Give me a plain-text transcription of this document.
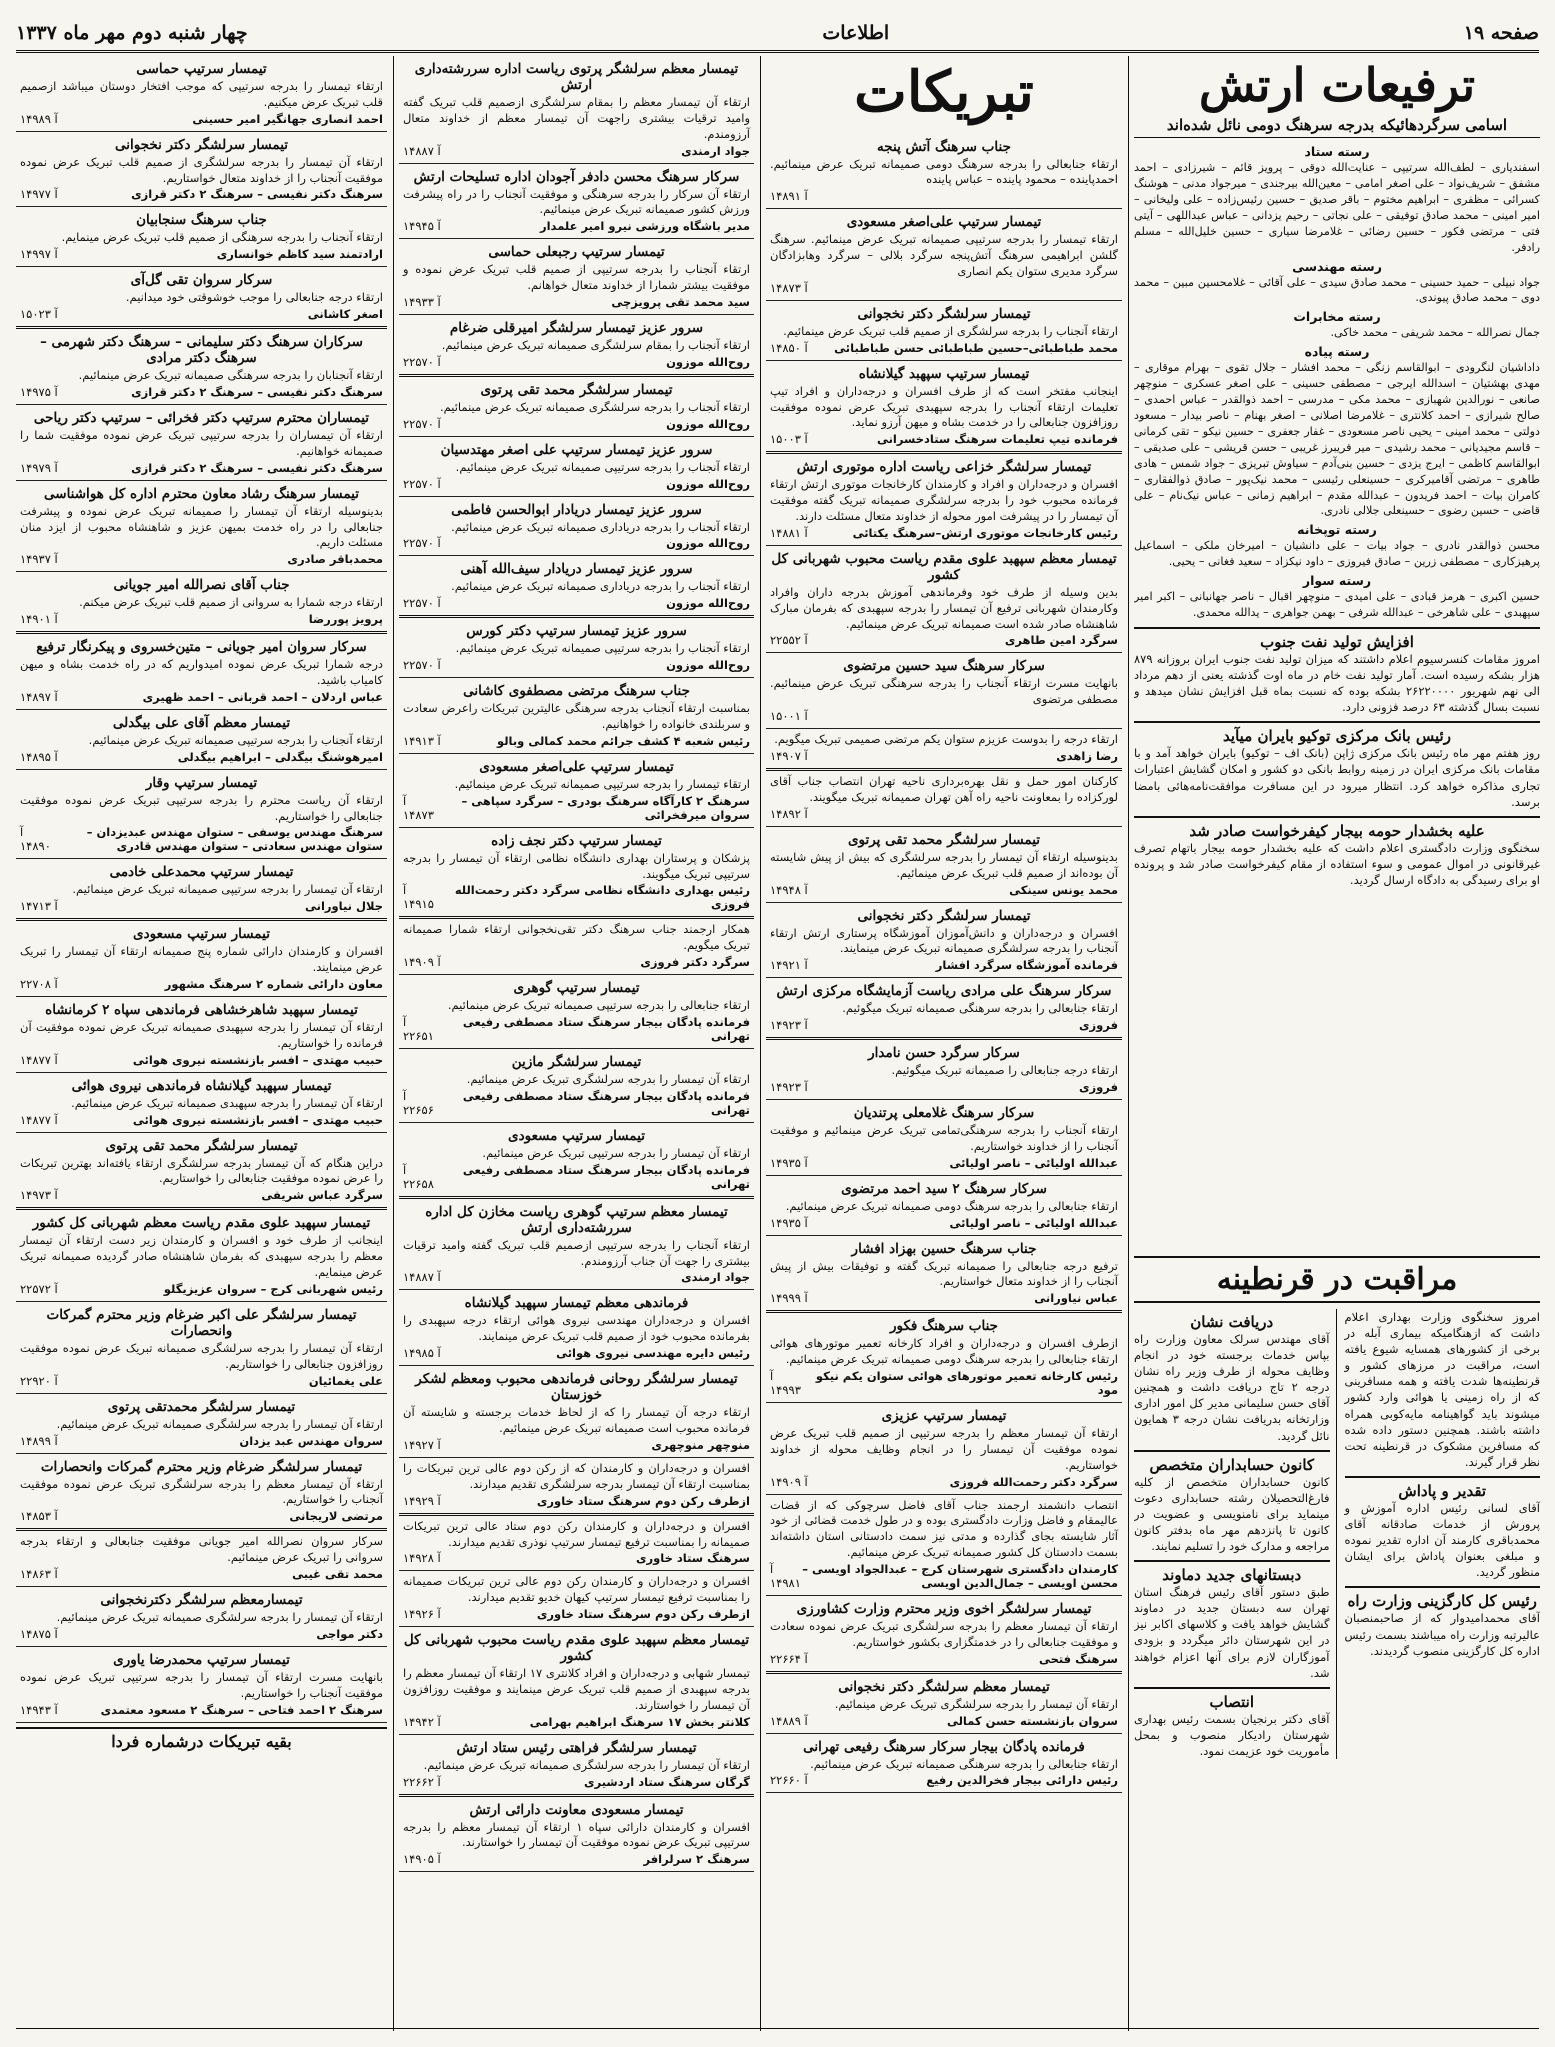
صفحه ۱۹
اطلاعات
چهار شنبه دوم مهر ماه ۱۳۳۷
ترفیعات ارتش
اسامی سرگردهائیکه بدرجه سرهنگ دومی نائل شده‌اند
رسته ستاد
اسفندیاری – لطف‌الله سرتیپی – عنایت‌الله دوقی – پرویز قائم – شیرزادی – احمد مشفق – شریف‌نواد – علی اصغر امامی – معین‌الله بیرجندی – میرجواد مدنی – هوشنگ کسرائی – مظفری – ابراهیم مختوم – باقر صدیق – حسین رئیس‌زاده – علی ولیخانی – امیر امینی – محمد صادق توفیقی – علی نجاتی – رحیم یزدانی – عباس عبداللهی – آیتی فتی – مرتضی فکور – حسین رضائی – غلامرضا سیاری – حسین خلیل‌الله – مسلم رادفر.
رسته مهندسی
جواد نبیلی – حمید حسینی – محمد صادق سیدی – علی آقائی – غلامحسین مبین – محمد دوی – محمد صادق پیوندی.
رسته مخابرات
جمال نصرالله – محمد شریفی – محمد خاکی.
رسته پیاده
داداشیان لنگرودی – ابوالقاسم زنگی – محمد افشار – جلال تقوی – بهرام موقاری – مهدی بهشتیان – اسدالله ایرجی – مصطفی حسینی – علی اصغر عسکری – منوچهر صانعی – نورالدین شهبازی – محمد مکی – مدرسی – احمد ذوالقدر – عباس احمدی – صالح شیرازی – احمد کلانتری – غلامرضا اصلانی – اصغر بهنام – ناصر بیدار – مسعود دولتی – محمد امینی – یحیی ناصر مسعودی – غفار جعفری – حسین نیکو – تقی کرمانی – قاسم مجیدیانی – محمد رشیدی – میر فریبرز غریبی – حسن قریشی – علی صدیقی – ابوالقاسم کاظمی – ایرج یزدی – حسین بنی‌آدم – سیاوش تبریزی – جواد شمس – هادی طاهری – مرتضی آقامیرکری – حسینعلی رئیسی – محمد نیک‌پور – صادق ذوالفقاری – کامران بیات – احمد فریدون – عبدالله مقدم – ابراهیم زمانی – عباس نیک‌نام – علی قاضی – حسین رضوی – حسینعلی جلالی نادری.
رسته توپخانه
محسن ذوالقدر نادری – جواد بیات – علی دانشیان – امیرخان ملکی – اسماعیل پرهیزکاری – مصطفی زرین – صادق فیروزی – داود نیکزاد – سعید فغانی – یحیی.
رسته سوار
حسین اکبری – هرمز قبادی – علی امیدی – منوچهر اقبال – ناصر جهانبانی – اکبر امیر سپهبدی – علی شاهرخی – عبدالله شرفی – بهمن جواهری – یدالله محمدی.
افزایش تولید نفت جنوب
امروز مقامات کنسرسیوم اعلام داشتند که میزان تولید نفت جنوب ایران بروزانه ۸۷۹ هزار بشکه رسیده است. آمار تولید نفت خام در ماه اوت گذشته یعنی از دهم مرداد الی نهم شهریور ۲۶۲۲۰۰۰۰ بشکه بوده که نسبت بماه قبل افزایش نشان میدهد و نسبت بسال گذشته ۶۳ درصد فزونی دارد.
رئیس بانک مرکزی توکیو بایران میآید
روز هفتم مهر ماه رئیس بانک مرکزی ژاپن (بانک اف – توکیو) بایران خواهد آمد و با مقامات بانک مرکزی ایران در زمینه روابط بانکی دو کشور و امکان گشایش اعتبارات تجاری مذاکره خواهد کرد. انتظار میرود در این مسافرت موافقت‌نامه‌هائی بامضا برسد.
علیه بخشدار حومه بیجار کیفرخواست صادر شد
سخنگوی وزارت دادگستری اعلام داشت که علیه بخشدار حومه بیجار باتهام تصرف غیرقانونی در اموال عمومی و سوء استفاده از مقام کیفرخواست صادر شد و پرونده او برای رسیدگی به دادگاه ارسال گردید.
تبریکات
جناب سرهنگ آتش پنجه
ارتقاء جنابعالی را بدرجه سرهنگ دومی صمیمانه تبریک عرض مینمائیم. احمدپاینده – محمود پاینده – عباس پاینده
آ ۱۴۸۹۱
تیمسار سرتیپ علی‌اصغر مسعودی
ارتقاء تیمسار را بدرجه سرتیپی صمیمانه تبریک عرض مینمائیم. سرهنگ گلشن ابراهیمی سرهنگ آتش‌پنجه سرگرد بلالی – سرگرد وهابزادگان سرگرد مدیری ستوان یکم انصاری
آ ۱۴۸۷۳
تیمسار سرلشگر دکتر نخجوانی
ارتقاء آنجناب را بدرجه سرلشگری از صمیم قلب تبریک عرض مینمائیم.
محمد طباطبائی–حسین طباطبائی حسن طباطبائی
آ ۱۴۸۵۰
تیمسار سرتیپ سپهبد گیلانشاه
اینجانب مفتخر است که از طرف افسران و درجه‌داران و افراد تیپ تعلیمات ارتقاء آنجناب را بدرجه سپهبدی تبریک عرض نموده موفقیت روزافزون جنابعالی را در خدمت بشاه و میهن آرزو نماید.
فرمانده تیپ تعلیمات سرهنگ ستادخسرانی
آ ۱۵۰۰۳
تیمسار سرلشگر خزاعی ریاست اداره موتوری ارتش
افسران و درجه‌داران و افراد و کارمندان کارخانجات موتوری ارتش ارتقاء فرمانده محبوب خود را بدرجه سرلشگری صمیمانه تبریک گفته موفقیت آن تیمسار را در پیشرفت امور محوله از خداوند متعال مسئلت دارند.
رئیس کارخانجات موتوری ارتش–سرهنگ یکتائی
آ ۱۴۸۸۱
تیمسار معظم سپهبد علوی مقدم ریاست محبوب شهربانی کل کشور
بدین وسیله از طرف خود وفرماندهی آموزش بدرجه داران وافراد وکارمندان شهربانی ترفیع آن تیمسار را بدرجه سپهبدی که بفرمان مبارک شاهنشاه صادر شده است صمیمانه تبریک عرض مینمائیم.
سرگرد امین طاهری
آ ۲۲۵۵۲
سرکار سرهنگ سید حسین مرتضوی
بانهایت مسرت ارتقاء آنجناب را بدرجه سرهنگی تبریک عرض مینمائیم. مصطفی مرتضوی
آ ۱۵۰۰۱
ارتقاء درجه را بدوست عزیزم ستوان یکم مرتضی صمیمی تبریک میگویم.
رضا زاهدی
آ ۱۴۹۰۷
کارکنان امور حمل و نقل بهره‌برداری ناحیه تهران انتصاب جناب آقای لورکزاده را بمعاونت ناحیه راه آهن تهران صمیمانه تبریک میگویند.
آ ۱۴۸۹۲
تیمسار سرلشگر محمد تقی پرتوی
بدینوسیله ارتقاء آن تیمسار را بدرجه سرلشگری که بیش از پیش شایسته آن بوده‌اند از صمیم قلب تبریک عرض مینمائیم.
محمد یونس سینکی
آ ۱۴۹۴۸
تیمسار سرلشگر دکتر نخجوانی
افسران و درجه‌داران و دانش‌آموزان آموزشگاه پرستاری ارتش ارتقاء آنجناب را بدرجه سرلشگری صمیمانه تبریک عرض مینمایند.
فرمانده آموزشگاه سرگرد افشار
آ ۱۴۹۲۱
سرکار سرهنگ علی مرادی ریاست آزمایشگاه مرکزی ارتش
ارتقاء جنابعالی را بدرجه سرهنگی صمیمانه تبریک میگوئیم.
فروزی
آ ۱۴۹۲۳
سرکار سرگرد حسن نامدار
ارتقاء درجه جنابعالی را صمیمانه تبریک میگوئیم.
فروزی
آ ۱۴۹۲۳
سرکار سرهنگ غلامعلی پرتندیان
ارتقاء آنجناب را بدرجه سرهنگی‌تمامی تبریک عرض مینمائیم و موفقیت آنجناب را از خداوند خواستاریم.
عبدالله اولیائی – ناصر اولیائی
آ ۱۴۹۳۵
سرکار سرهنگ ۲ سید احمد مرتضوی
ارتقاء جنابعالی را بدرجه سرهنگ دومی صمیمانه تبریک عرض مینمائیم.
عبدالله اولیائی – ناصر اولیائی
آ ۱۴۹۳۵
جناب سرهنگ حسین بهزاد افشار
ترفیع درجه جنابعالی را صمیمانه تبریک گفته و توفیقات بیش از پیش آنجناب را از خداوند متعال خواستاریم.
عباس نیاورانی
آ ۱۴۹۹۹
جناب سرهنگ فکور
ازطرف افسران و درجه‌داران و افراد کارخانه تعمیر موتورهای هوائی ارتقاء جنابعالی را بدرجه سرهنگ دومی صمیمانه تبریک عرض مینمائیم.
رئیس کارخانه تعمیر موتورهای هوائی ستوان یکم نیکو مود
آ ۱۴۹۹۳
تیمسار سرتیپ عزیزی
ارتقاء آن تیمسار معظم را بدرجه سرتیپی از صمیم قلب تبریک عرض نموده موفقیت آن تیمسار را در انجام وظایف محوله از خداوند خواستاریم.
سرگرد دکتر رحمت‌الله فروزی
آ ۱۴۹۰۹
انتصاب دانشمند ارجمند جناب آقای فاضل سرچوکی که از قضات عالیمقام و فاضل وزارت دادگستری بوده و در طول خدمت قضائی از خود آثار شایسته بجای گذارده و مدتی نیز سمت دادستانی استان داشته‌اند بسمت دادستان کل کشور صمیمانه تبریک عرض مینمائیم.
کارمندان دادگستری شهرستان کرج – عبدالجواد اویسی – محسن اویسی – جمال‌الدین اویسی
آ ۱۴۹۸۱
تیمسار سرلشگر اخوی وزیر محترم وزارت کشاورزی
ارتقاء آن تیمسار معظم را بدرجه سرلشگری تبریک عرض نموده سعادت و موفقیت جنابعالی را در خدمتگزاری بکشور خواستاریم.
سرهنگ فتحی
آ ۲۲۶۶۴
تیمسار معظم سرلشگر دکتر نخجوانی
ارتقاء آن تیمسار را بدرجه سرلشگری تبریک عرض مینمائیم.
سروان بازنشسته حسن کمالی
آ ۱۴۸۸۹
فرمانده پادگان بیجار سرکار سرهنگ رفیعی تهرانی
ارتقاء جنابعالی را بدرجه سرهنگی صمیمانه تبریک عرض مینمائیم.
رئیس دارائی بیجار فخرالدین رفیع
آ ۲۲۶۶۰
تیمسار معظم سرلشگر پرتوی ریاست اداره سررشته‌داری ارتش
ارتقاء آن تیمسار معظم را بمقام سرلشگری ازصمیم قلب تبریک گفته وامید ترقیات بیشتری راجهت آن تیمسار معظم از خداوند متعال آرزومندم.
جواد ارمندی
آ ۱۴۸۸۷
سرکار سرهنگ محسن دادفر آجودان اداره تسلیحات ارتش
ارتقاء آن سرکار را بدرجه سرهنگی و موفقیت آنجناب را در راه پیشرفت ورزش کشور صمیمانه تبریک عرض مینمائیم.
مدیر باشگاه ورزشی نیرو امیر علمدار
آ ۱۴۹۴۵
تیمسار سرتیپ رجبعلی حماسی
ارتقاء آنجناب را بدرجه سرتیپی از صمیم قلب تبریک عرض نموده و موفقیت بیشتر شمارا از خداوند متعال خواهانم.
سید محمد تقی پرویزچی
آ ۱۴۹۳۳
سرور عزیز تیمسار سرلشگر امیرقلی ضرغام
ارتقاء آنجناب را بمقام سرلشگری صمیمانه تبریک عرض مینمائیم.
روح‌الله موزون
آ ۲۲۵۷۰
تیمسار سرلشگر محمد تقی پرتوی
ارتقاء آنجناب را بدرجه سرلشگری صمیمانه تبریک عرض مینمائیم.
روح‌الله موزون
آ ۲۲۵۷۰
سرور عزیز تیمسار سرتیپ علی اصغر مهتدسیان
ارتقاء آنجناب را بدرجه سرتیپی صمیمانه تبریک عرض مینمائیم.
روح‌الله موزون
آ ۲۲۵۷۰
سرور عزیز تیمسار دریادار ابوالحسن فاطمی
ارتقاء آنجناب را بدرجه دریاداری صمیمانه تبریک عرض مینمائیم.
روح‌الله موزون
آ ۲۲۵۷۰
سرور عزیز تیمسار دریادار سیف‌الله آهنی
ارتقاء آنجناب را بدرجه دریاداری صمیمانه تبریک عرض مینمائیم.
روح‌الله موزون
آ ۲۲۵۷۰
سرور عزیز تیمسار سرتیپ دکتر کورس
ارتقاء آنجناب را بدرجه سرتیپی صمیمانه تبریک عرض مینمائیم.
روح‌الله موزون
آ ۲۲۵۷۰
جناب سرهنگ مرتضی مصطفوی کاشانی
بمناسبت ارتقاء آنجناب بدرجه سرهنگی عالیترین تبریکات راعرض سعادت و سربلندی خانواده را خواهانیم.
رئیس شعبه ۴ کشف جرائم محمد کمالی وبالو
آ ۱۴۹۱۳
تیمسار سرتیپ علی‌اصغر مسعودی
ارتقاء تیمسار را بدرجه سرتیپی صمیمانه تبریک عرض مینمائیم.
سرهنگ ۲ کارآگاه سرهنگ بودری – سرگرد سپاهی – سروان میرفخرائی
آ ۱۴۸۷۳
تیمسار سرتیپ دکتر نجف زاده
پزشکان و پرستاران بهداری دانشگاه نظامی ارتقاء آن تیمسار را بدرجه سرتیپی تبریک میگویند.
رئیس بهداری دانشگاه نظامی سرگرد دکتر رحمت‌الله فروزی
آ ۱۴۹۱۵
همکار ارجمند جناب سرهنگ دکتر تقی‌نخجوانی ارتقاء شمارا صمیمانه تبریک میگویم.
سرگرد دکتر فروزی
آ ۱۴۹۰۹
تیمسار سرتیپ گوهری
ارتقاء جنابعالی را بدرجه سرتیپی صمیمانه تبریک عرض مینمائیم.
فرمانده پادگان بیجار سرهنگ ستاد مصطفی رفیعی تهرانی
آ ۲۲۶۵۱
تیمسار سرلشگر مازین
ارتقاء آن تیمسار را بدرجه سرلشگری تبریک عرض مینمائیم.
فرمانده پادگان بیجار سرهنگ ستاد مصطفی رفیعی تهرانی
آ ۲۲۶۵۶
تیمسار سرتیپ مسعودی
ارتقاء آن تیمسار را بدرجه سرتیپی تبریک عرض مینمائیم.
فرمانده پادگان بیجار سرهنگ ستاد مصطفی رفیعی تهرانی
آ ۲۲۶۵۸
تیمسار معظم سرتیپ گوهری ریاست مخازن کل اداره سررشته‌داری ارتش
ارتقاء آنجناب را بدرجه سرتیپی ازصمیم قلب تبریک گفته وامید ترقیات بیشتری را جهت آن جناب آرزومندم.
جواد ارمندی
آ ۱۴۸۸۷
فرماندهی معظم تیمسار سپهبد گیلانشاه
افسران و درجه‌داران مهندسی نیروی هوائی ارتقاء درجه سپهبدی را بفرمانده محبوب خود از صمیم قلب تبریک عرض مینمایند.
رئیس دایره مهندسی نیروی هوائی
آ ۱۴۹۸۵
تیمسار سرلشگر روحانی فرماندهی محبوب ومعظم لشکر خوزستان
ارتقاء درجه آن تیمسار را که از لحاظ خدمات برجسته و شایسته آن فرمانده محبوب است صمیمانه تبریک عرض مینمائیم.
منوچهر منوچهری
آ ۱۴۹۲۷
افسران و درجه‌داران و کارمندان که از رکن دوم عالی ترین تبریکات را بمناسبت ارتقاء آن تیمسار بدرجه سرلشگری تقدیم میدارند.
ازطرف رکن دوم سرهنگ ستاد خاوری
آ ۱۴۹۲۹
افسران و درجه‌داران و کارمندان رکن دوم ستاد عالی ترین تبریکات صمیمانه را بمناسبت ترفیع تیمسار سرتیپ نوذری تقدیم میدارند.
سرهنگ ستاد خاوری
آ ۱۴۹۲۸
افسران و درجه‌داران و کارمندان رکن دوم عالی ترین تبریکات صمیمانه را بمناسبت ترفیع تیمسار سرتیپ کیهان خدیو تقدیم میدارند.
ازطرف رکن دوم سرهنگ ستاد خاوری
آ ۱۴۹۲۶
تیمسار معظم سپهبد علوی مقدم ریاست محبوب شهربانی کل کشور
تیمسار شهابی و درجه‌داران و افراد کلانتری ۱۷ ارتقاء آن تیمسار معظم را بدرجه سپهبدی از صمیم قلب تبریک عرض مینمایند و موفقیت روزافزون آن تیمسار را خواستارند.
کلانتر بخش ۱۷ سرهنگ ابراهیم بهرامی
آ ۱۴۹۴۲
تیمسار سرلشگر فراهتی رئیس ستاد ارتش
ارتقاء آن تیمسار را بدرجه سرلشگری صمیمانه تبریک عرض مینمائیم.
گرگان سرهنگ ستاد اردشیری
آ ۲۲۶۶۲
تیمسار مسعودی معاونت دارائی ارتش
افسران و کارمندان دارائی سپاه ۱ ارتقاء آن تیمسار معظم را بدرجه سرتیپی تبریک عرض نموده موفقیت آن تیمسار را خواستارند.
سرهنگ ۲ سرلرافر
آ ۱۴۹۰۵
تیمسار سرتیپ حماسی
ارتقاء تیمسار را بدرجه سرتیپی که موجب افتخار دوستان میباشد ازصمیم قلب تبریک عرض میکنیم.
احمد انصاری جهانگیر امیر حسینی
آ ۱۴۹۸۹
تیمسار سرلشگر دکتر نخجوانی
ارتقاء آن تیمسار را بدرجه سرلشگری از صمیم قلب تبریک عرض نموده موفقیت آنجناب را از خداوند متعال خواستاریم.
سرهنگ دکتر نفیسی – سرهنگ ۲ دکتر قرازی
آ ۱۴۹۷۷
جناب سرهنگ سنجابیان
ارتقاء آنجناب را بدرجه سرهنگی از صمیم قلب تبریک عرض مینمایم.
ارادتمند سید کاظم خوانساری
آ ۱۴۹۹۷
سرکار سروان تقی گل‌آی
ارتقاء درجه جنابعالی را موجب خوشوقتی خود میدانیم.
اصغر کاشانی
آ ۱۵۰۲۳
سرکاران سرهنگ دکتر سلیمانی – سرهنگ دکتر شهرمی – سرهنگ دکتر مرادی
ارتقاء آنجنابان را بدرجه سرهنگی صمیمانه تبریک عرض مینمائیم.
سرهنگ دکتر نفیسی – سرهنگ ۲ دکتر قرازی
آ ۱۴۹۷۵
تیمساران محترم سرتیپ دکتر فخرائی – سرتیپ دکتر ریاحی
ارتقاء آن تیمساران را بدرجه سرتیپی تبریک عرض نموده موفقیت شما را صمیمانه خواهانیم.
سرهنگ دکتر نفیسی – سرهنگ ۲ دکتر قرازی
آ ۱۴۹۷۹
تیمسار سرهنگ رشاد معاون محترم اداره کل هواشناسی
بدینوسیله ارتقاء آن تیمسار را صمیمانه تبریک عرض نموده و پیشرفت جنابعالی را در راه خدمت بمیهن عزیز و شاهنشاه محبوب از ایزد منان مسئلت داریم.
محمدباقر صادری
آ ۱۴۹۳۷
جناب آقای نصرالله امیر جویانی
ارتقاء درجه شمارا به سروانی از صمیم قلب تبریک عرض میکنم.
پرویز پوررضا
آ ۱۴۹۰۱
سرکار سروان امیر جویانی – متین‌خسروی و پیکرنگار ترفیع
درجه شمارا تبریک عرض نموده امیدواریم که در راه خدمت بشاه و میهن کامیاب باشید.
عباس اردلان – احمد قربانی – احمد ظهیری
آ ۱۴۸۹۷
تیمسار معظم آقای علی بیگدلی
ارتقاء آنجناب را بدرجه سرتیپی صمیمانه تبریک عرض مینمائیم.
امیرهوشنگ بیگدلی – ابراهیم بیگدلی
آ ۱۴۸۹۵
تیمسار سرتیپ وقار
ارتقاء آن ریاست محترم را بدرجه سرتیپی تبریک عرض نموده موفقیت جنابعالی را خواستاریم.
سرهنگ مهندس یوسفی – ستوان مهندس عبدیزدان – ستوان مهندس سعادتی – ستوان مهندس قادری
آ ۱۴۸۹۰
تیمسار سرتیپ محمدعلی خادمی
ارتقاء آن تیمسار را بدرجه سرتیپی صمیمانه تبریک عرض مینمائیم.
جلال نیاورانی
آ ۱۴۷۱۳
تیمسار سرتیپ مسعودی
افسران و کارمندان دارائی شماره پنج صمیمانه ارتقاء آن تیمسار را تبریک عرض مینمایند.
معاون دارائی شماره ۲ سرهنگ مشهور
آ ۲۲۷۰۸
تیمسار سپهبد شاهرخشاهی فرماندهی سپاه ۲ کرمانشاه
ارتقاء آن تیمسار را بدرجه سپهبدی صمیمانه تبریک عرض نموده موفقیت آن فرمانده را خواستاریم.
حبیب مهتدی – افسر بازنشسته نیروی هوائی
آ ۱۴۸۷۷
تیمسار سپهبد گیلانشاه فرماندهی نیروی هوائی
ارتقاء آن تیمسار را بدرجه سپهبدی صمیمانه تبریک عرض مینمائیم.
حبیب مهتدی – افسر بازنشسته نیروی هوائی
آ ۱۴۸۷۷
تیمسار سرلشگر محمد تقی پرتوی
دراین هنگام که آن تیمسار بدرجه سرلشگری ارتقاء یافته‌اند بهترین تبریکات را عرض نموده موفقیت جنابعالی را خواستاریم.
سرگرد عباس شریفی
آ ۱۴۹۷۳
تیمسار سپهبد علوی مقدم ریاست معظم شهربانی کل کشور
اینجانب از طرف خود و افسران و کارمندان زیر دست ارتقاء آن تیمسار معظم را بدرجه سپهبدی که بفرمان شاهنشاه صادر گردیده صمیمانه تبریک عرض مینمایم.
رئیس شهربانی کرج – سروان عزیزیگلو
آ ۲۲۵۷۲
تیمسار سرلشگر علی اکبر ضرغام وزیر محترم گمرکات وانحصارات
ارتقاء آن تیمسار را بدرجه سرلشگری صمیمانه تبریک عرض نموده موفقیت روزافزون جنابعالی را خواستاریم.
علی یغمائیان
آ ۲۲۹۲۰
تیمسار سرلشگر محمدتقی پرتوی
ارتقاء آن تیمسار را بدرجه سرلشگری صمیمانه تبریک عرض مینمائیم.
سروان مهندس عبد یزدان
آ ۱۴۸۹۹
تیمسار سرلشگر ضرغام وزیر محترم گمرکات وانحصارات
ارتقاء آن تیمسار معظم را بدرجه سرلشگری تبریک عرض نموده موفقیت آنجناب را خواستاریم.
مرتضی لاریجانی
آ ۱۴۸۵۳
سرکار سروان نصرالله امیر جویانی موفقیت جنابعالی و ارتقاء بدرجه سروانی را تبریک عرض مینمائیم.
محمد تقی غیبی
آ ۱۴۸۶۳
تیمسارمعظم سرلشگر دکترنخجوانی
ارتقاء آن تیمسار را بدرجه سرلشگری صمیمانه تبریک عرض مینمائیم.
دکتر مواجی
آ ۱۴۸۷۵
تیمسار سرتیپ محمدرضا یاوری
بانهایت مسرت ارتقاء آن تیمسار را بدرجه سرتیپی تبریک عرض نموده موفقیت آنجناب را خواستاریم.
سرهنگ ۲ احمد فتاحی – سرهنگ ۲ مسعود معتمدی
آ ۱۴۹۴۳
بقیه تبریکات درشماره فردا
مراقبت در قرنطینه
امروز سخنگوی وزارت بهداری اعلام داشت که ازهنگامیکه بیماری آبله در برخی از کشورهای همسایه شیوع یافته است، مراقبت در مرزهای کشور و قرنطینه‌ها شدت یافته و همه مسافرینی که از راه زمینی یا هوائی وارد کشور میشوند باید گواهینامه مایه‌کوبی همراه داشته باشند. همچنین دستور داده شده که مسافرین مشکوک در قرنطینه تحت نظر قرار گیرند.
تقدیر و پاداش
آقای لسانی رئیس اداره آموزش و پرورش از خدمات صادقانه آقای محمدباقری کارمند آن اداره تقدیر نموده و مبلغی بعنوان پاداش برای ایشان منظور گردید.
رئیس کل کارگزینی وزارت راه
آقای محمدامیدوار که از صاحبمنصبان عالیرتبه وزارت راه میباشند بسمت رئیس اداره کل کارگزینی منصوب گردیدند.
دریافت نشان
آقای مهندس سرلک معاون وزارت راه بپاس خدمات برجسته خود در انجام وظایف محوله از طرف وزیر راه نشان درجه ۲ تاج دریافت داشت و همچنین آقای حسن سلیمانی مدیر کل امور اداری وزارتخانه بدریافت نشان درجه ۳ همایون نائل گردید.
کانون حسابداران متخصص
کانون حسابداران متخصص از کلیه فارغ‌التحصیلان رشته حسابداری دعوت مینماید برای نامنویسی و عضویت در کانون تا پانزدهم مهر ماه بدفتر کانون مراجعه و مدارک خود را تسلیم نمایند.
دبستانهای جدید دماوند
طبق دستور آقای رئیس فرهنگ استان تهران سه دبستان جدید در دماوند گشایش خواهد یافت و کلاسهای اکابر نیز در این شهرستان دائر میگردد و بزودی آموزگاران لازم برای آنها اعزام خواهند شد.
انتصاب
آقای دکتر برنجیان بسمت رئیس بهداری شهرستان رادیکار منصوب و بمحل مأموریت خود عزیمت نمود.
